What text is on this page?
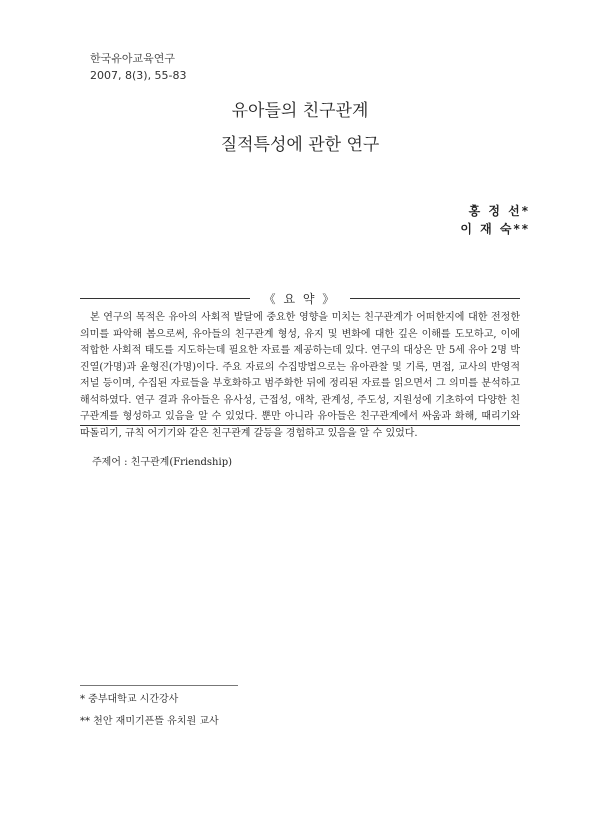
한국유아교육연구
2007, 8(3), 55-83
유아들의 친구관계
질적특성에 관한 연구
홍 정 선*
이 재 숙**
《 요 약 》
본 연구의 목적은 유아의 사회적 발달에 중요한 영향을 미치는 친구관계가 어떠한지에 대한 전정한 의미를 파악해 봄으로써, 유아들의 친구관계 형성, 유지 및 변화에 대한 깊은 이해를 도모하고, 이에 적합한 사회적 태도를 지도하는데 필요한 자료를 제공하는데 있다. 연구의 대상은 만 5세 유아 2명 박진열(가명)과 윤형진(가명)이다. 주요 자료의 수집방법으로는 유아관찰 및 기록, 면접, 교사의 반영적 저널 등이며, 수집된 자료들을 부호화하고 범주화한 뒤에 정리된 자료를 읽으면서 그 의미를 분석하고 해석하였다. 연구 결과 유아들은 유사성, 근접성, 애착, 관계성, 주도성, 지원성에 기초하여 다양한 친구관계를 형성하고 있음을 알 수 있었다. 뿐만 아니라 유아들은 친구관계에서 싸움과 화해, 때리기와 따돌리기, 규칙 어기기와 같은 친구관계 갈등을 경험하고 있음을 알 수 있었다.
주제어 : 친구관계(Friendship)
* 중부대학교 시간강사
** 천안 재미기픈뜰 유치원 교사
